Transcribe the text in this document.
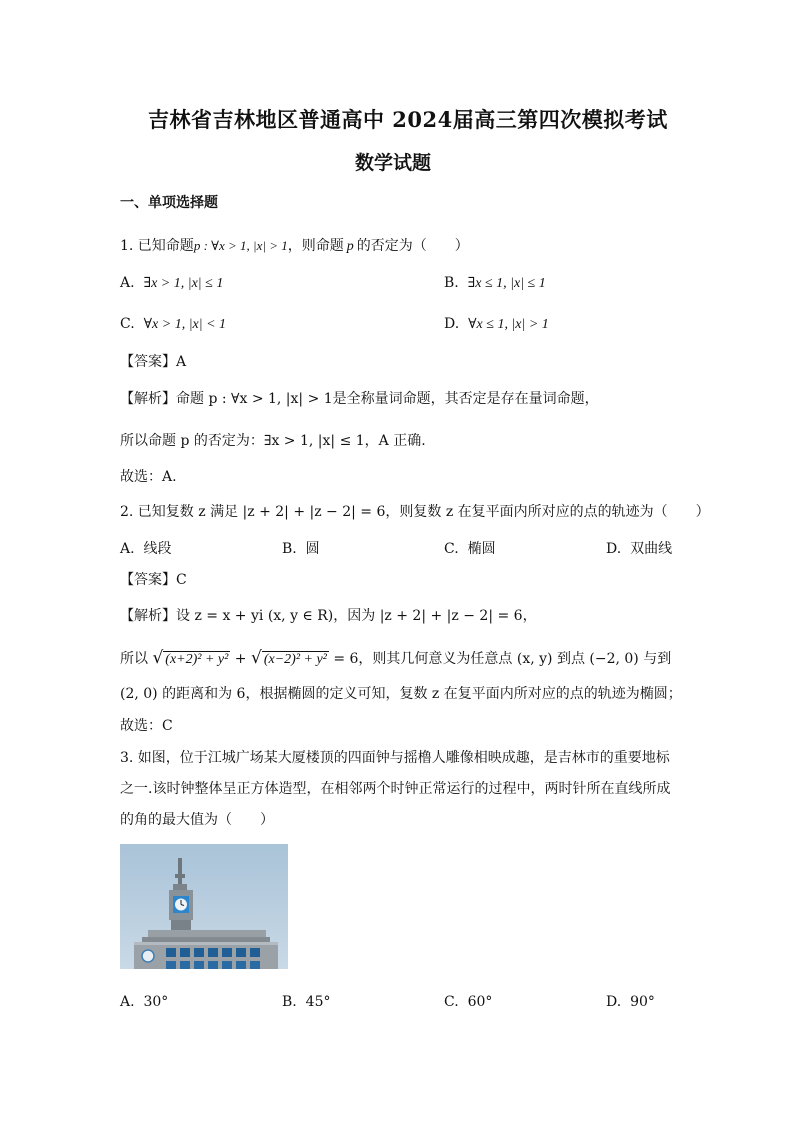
吉林省吉林地区普通高中 2024届高三第四次模拟考试
数学试题
一、单项选择题
1. 已知命题p : ∀x > 1, |x| > 1，则命题 p 的否定为（　　）
A. ∃x > 1, |x| ≤ 1	B. ∃x ≤ 1, |x| ≤ 1
C. ∀x > 1, |x| < 1	D. ∀x ≤ 1, |x| > 1
【答案】A
【解析】命题 p : ∀x > 1, |x| > 1是全称量词命题，其否定是存在量词命题，
所以命题 p 的否定为：∃x > 1, |x| ≤ 1，A 正确.
故选：A.
2. 已知复数 z 满足 |z + 2| + |z − 2| = 6，则复数 z 在复平面内所对应的点的轨迹为（　　）
A. 线段	B. 圆	C. 椭圆	D. 双曲线
【答案】C
【解析】设 z = x + yi (x, y ∈ R)，因为 |z + 2| + |z − 2| = 6，
所以 √ (x+2)² + y² + √ (x−2)² + y² = 6，则其几何意义为任意点 (x, y) 到点 (−2, 0) 与到
(2, 0) 的距离和为 6，根据椭圆的定义可知，复数 z 在复平面内所对应的点的轨迹为椭圆；
故选：C
3. 如图，位于江城广场某大厦楼顶的四面钟与摇橹人雕像相映成趣，是吉林市的重要地标
之一.该时钟整体呈正方体造型，在相邻两个时钟正常运行的过程中，两时针所在直线所成
的角的最大值为（　　）
A. 30°	B. 45°	C. 60°	D. 90°
